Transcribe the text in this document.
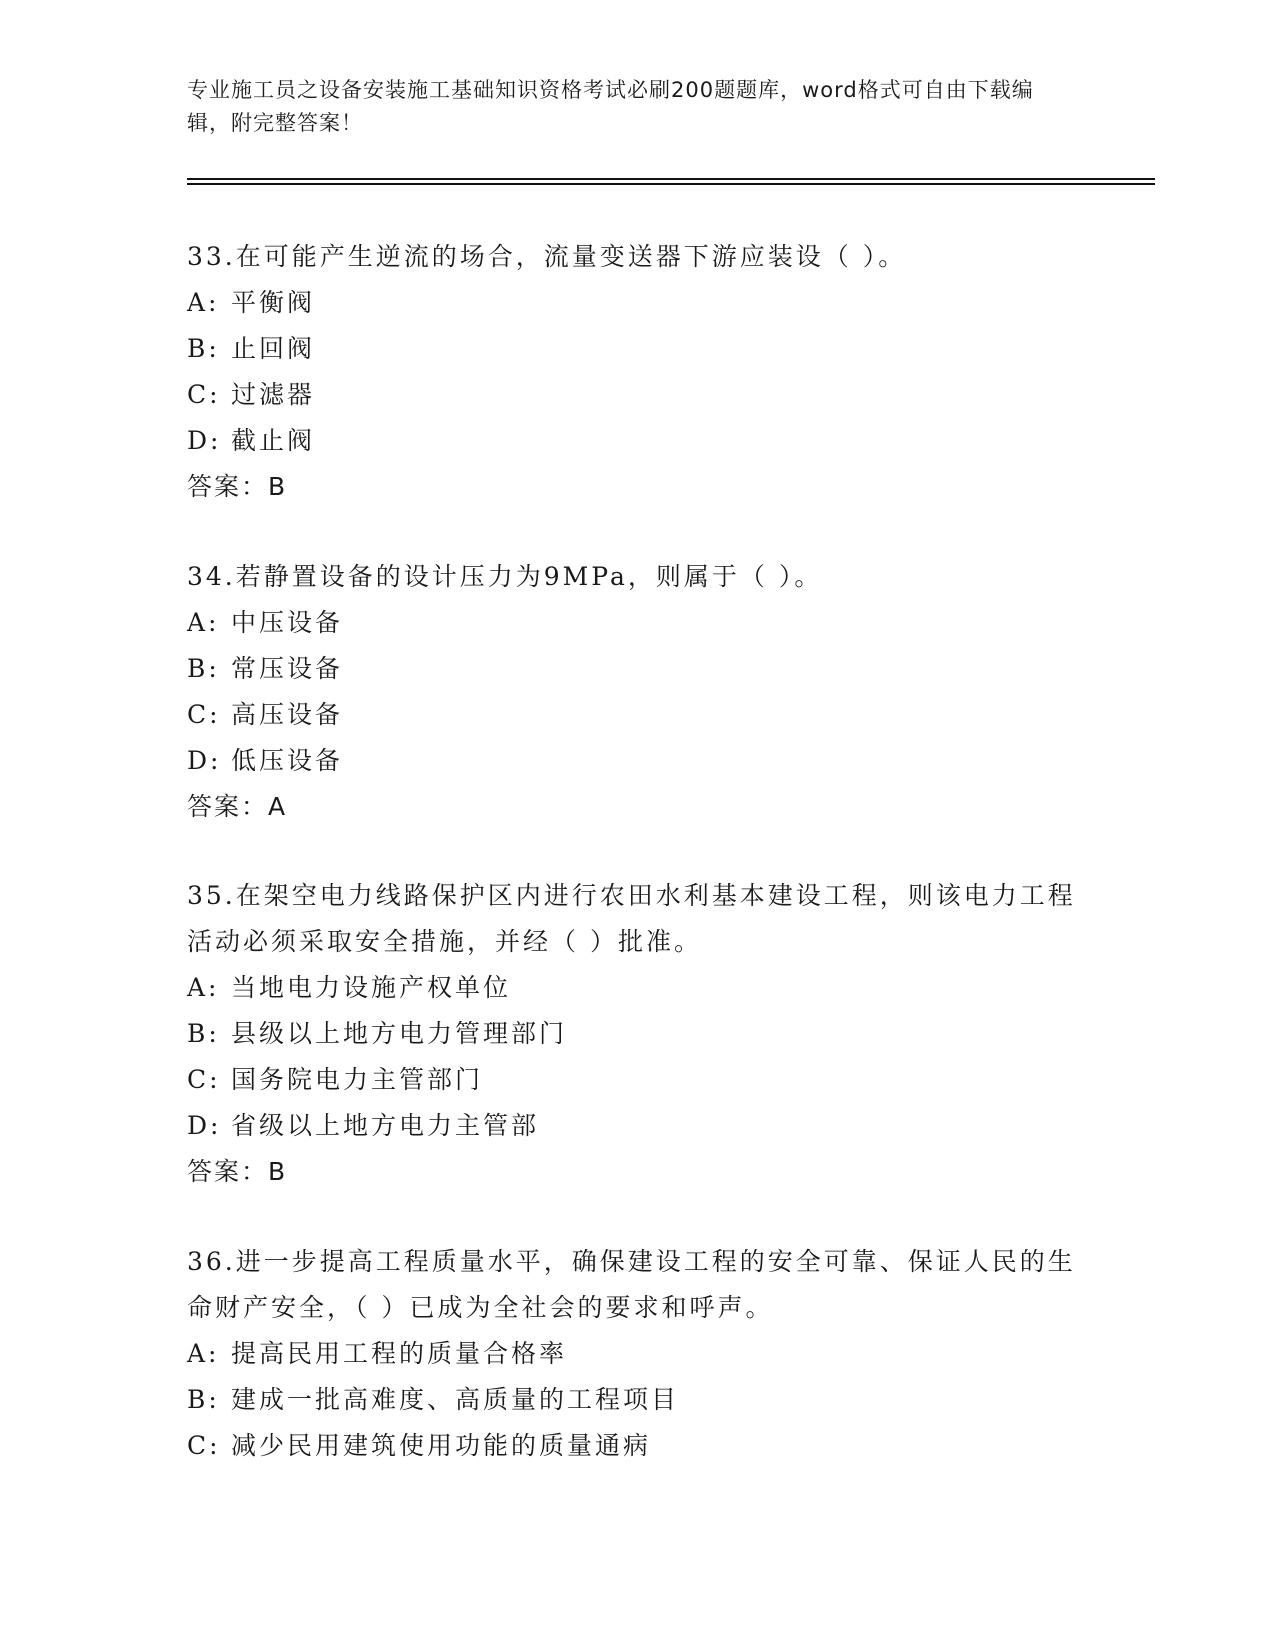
专业施工员之设备安装施工基础知识资格考试必刷200题题库，word格式可自由下载编辑，附完整答案！

33.在可能产生逆流的场合，流量变送器下游应装设（ ）。

A: 平衡阀

B: 止回阀

C: 过滤器

D: 截止阀

答案：B

34.若静置设备的设计压力为9MPa，则属于（ ）。

A: 中压设备

B: 常压设备

C: 高压设备

D: 低压设备

答案：A

35.在架空电力线路保护区内进行农田水利基本建设工程，则该电力工程活动必须采取安全措施，并经（ ）批准。

A: 当地电力设施产权单位

B: 县级以上地方电力管理部门

C: 国务院电力主管部门

D: 省级以上地方电力主管部

答案：B

36.进一步提高工程质量水平，确保建设工程的安全可靠、保证人民的生命财产安全，（ ）已成为全社会的要求和呼声。

A: 提高民用工程的质量合格率

B: 建成一批高难度、高质量的工程项目

C: 减少民用建筑使用功能的质量通病
